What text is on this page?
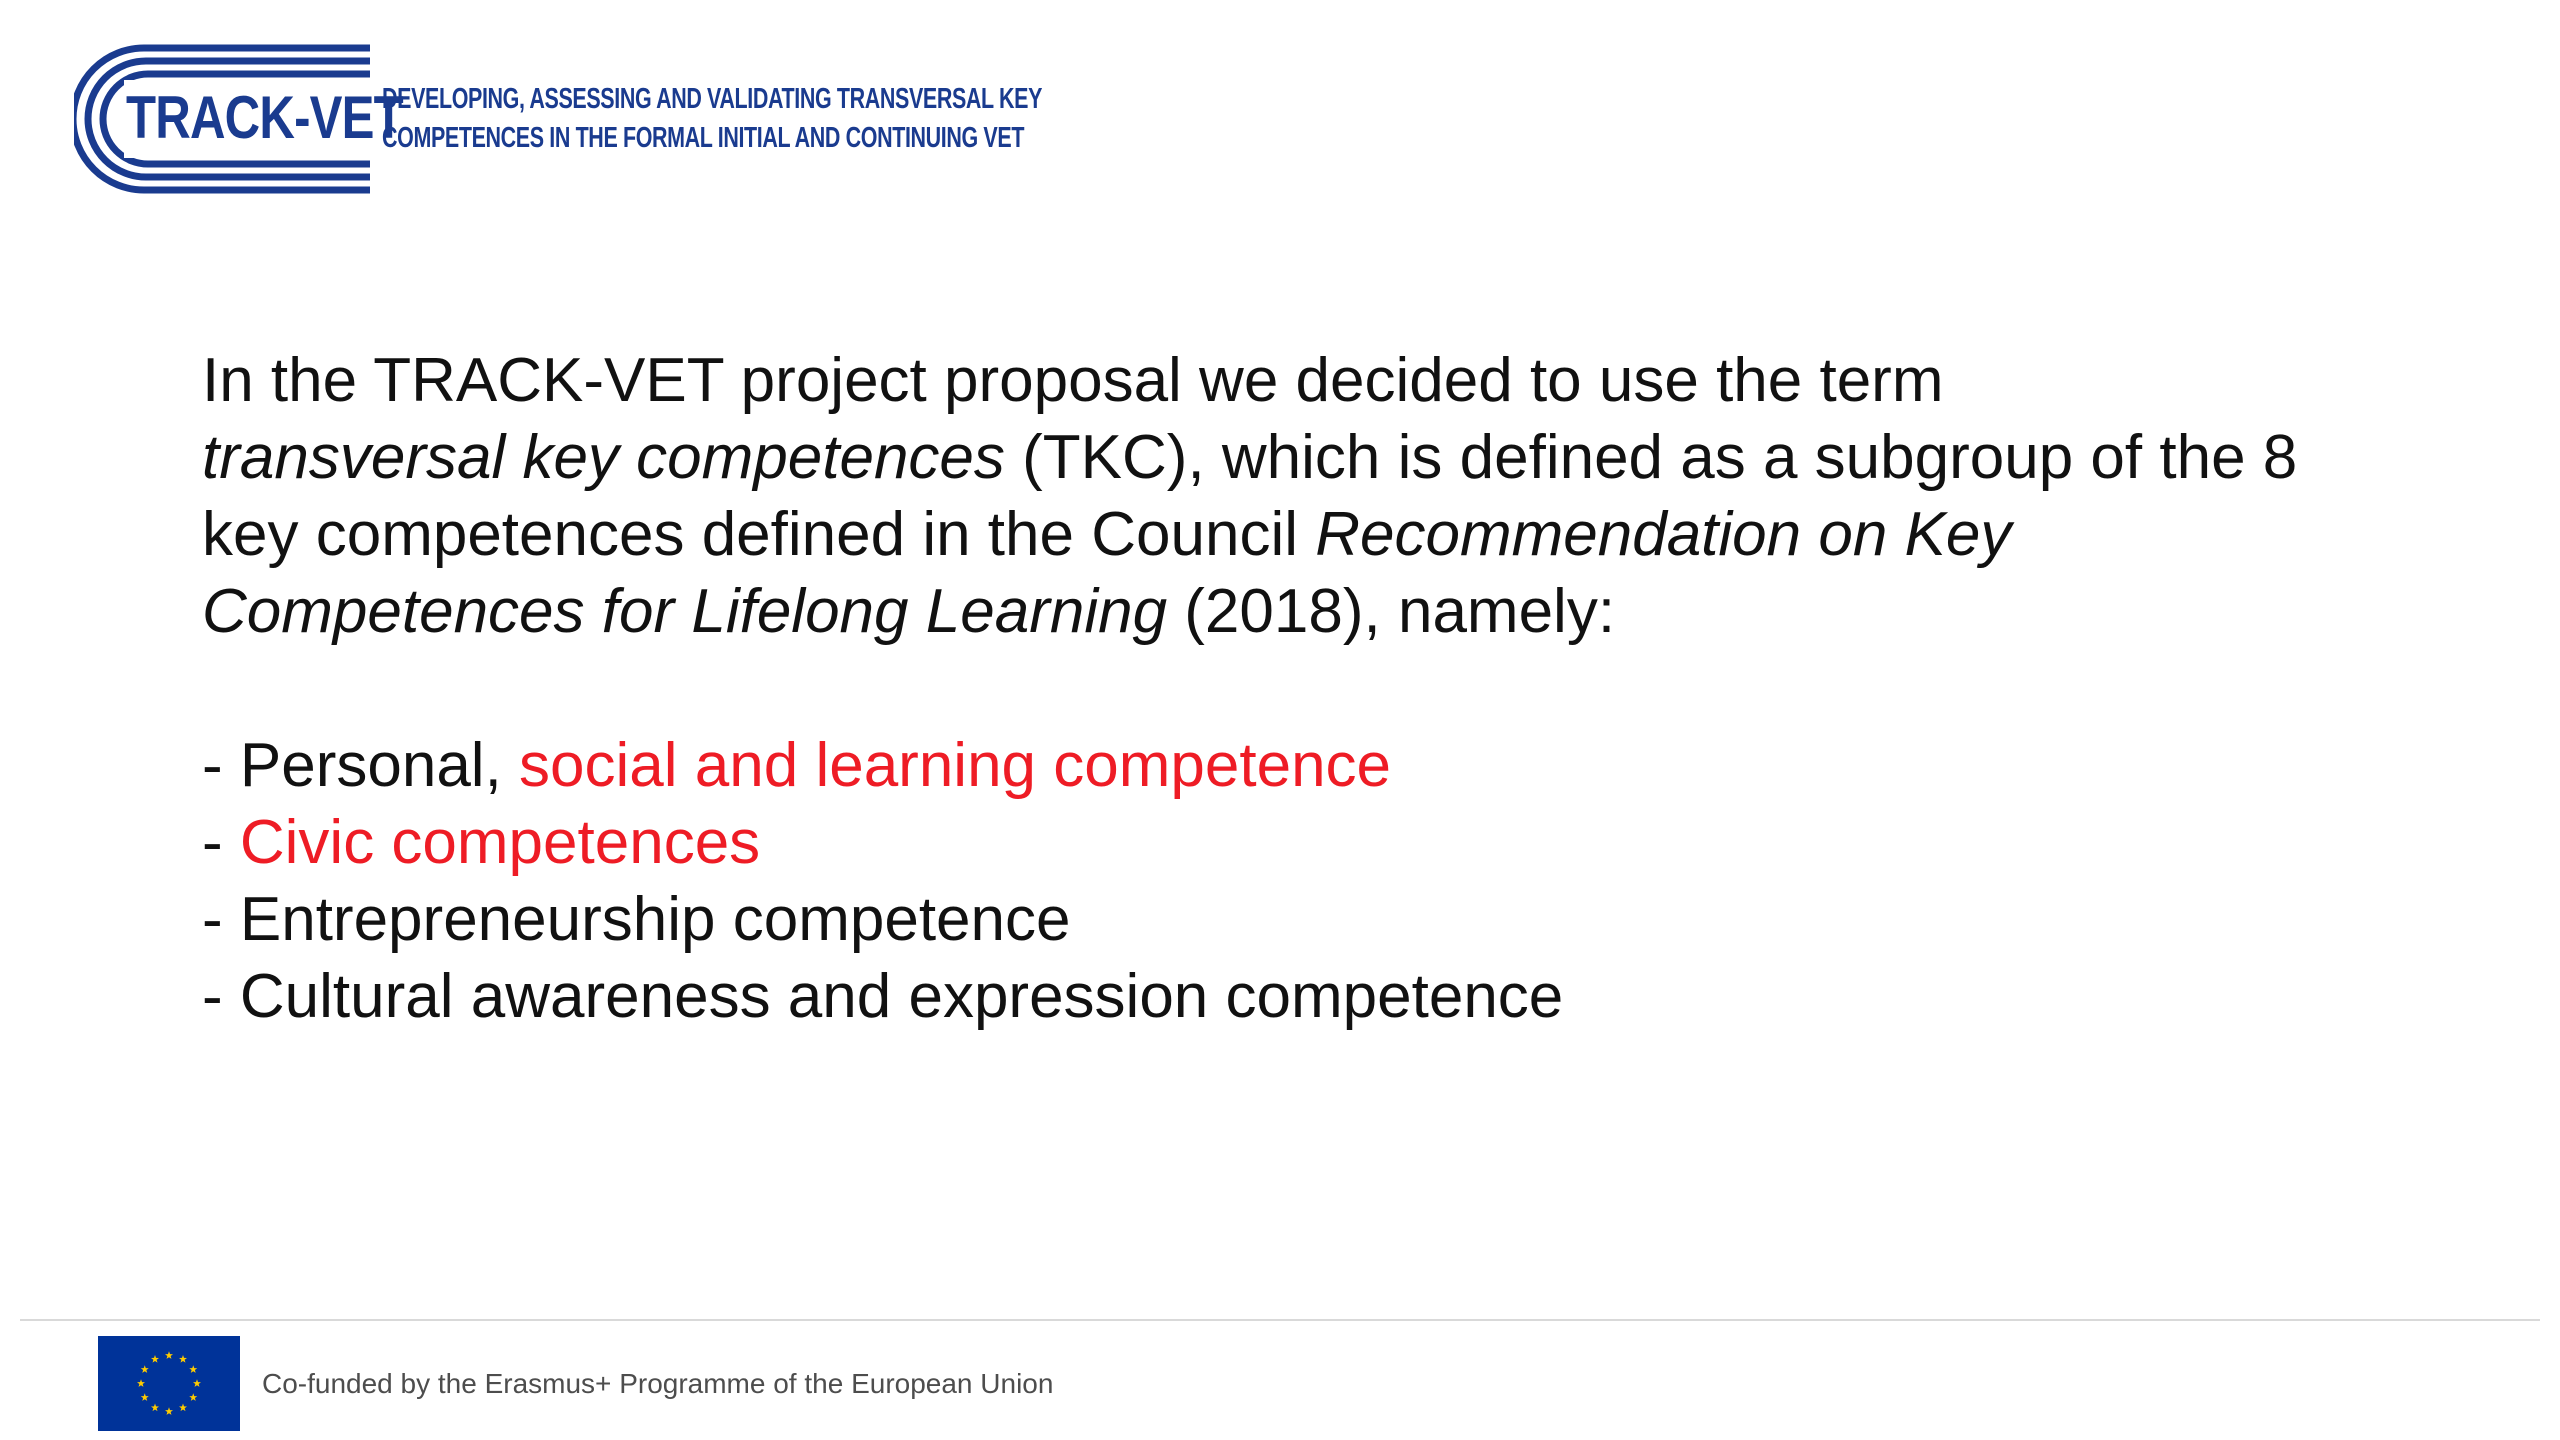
TRACK-VET
DEVELOPING, ASSESSING AND VALIDATING TRANSVERSAL KEY
COMPETENCES IN THE FORMAL INITIAL AND CONTINUING VET

In the TRACK-VET project proposal we decided to use the term
transversal key competences (TKC), which is defined as a subgroup of the 8 key competences defined in the Council Recommendation on Key Competences for Lifelong Learning (2018), namely:

- Personal, social and learning competence
- Civic competences
- Entrepreneurship competence
- Cultural awareness and expression competence
Co-funded by the Erasmus+ Programme of the European Union
